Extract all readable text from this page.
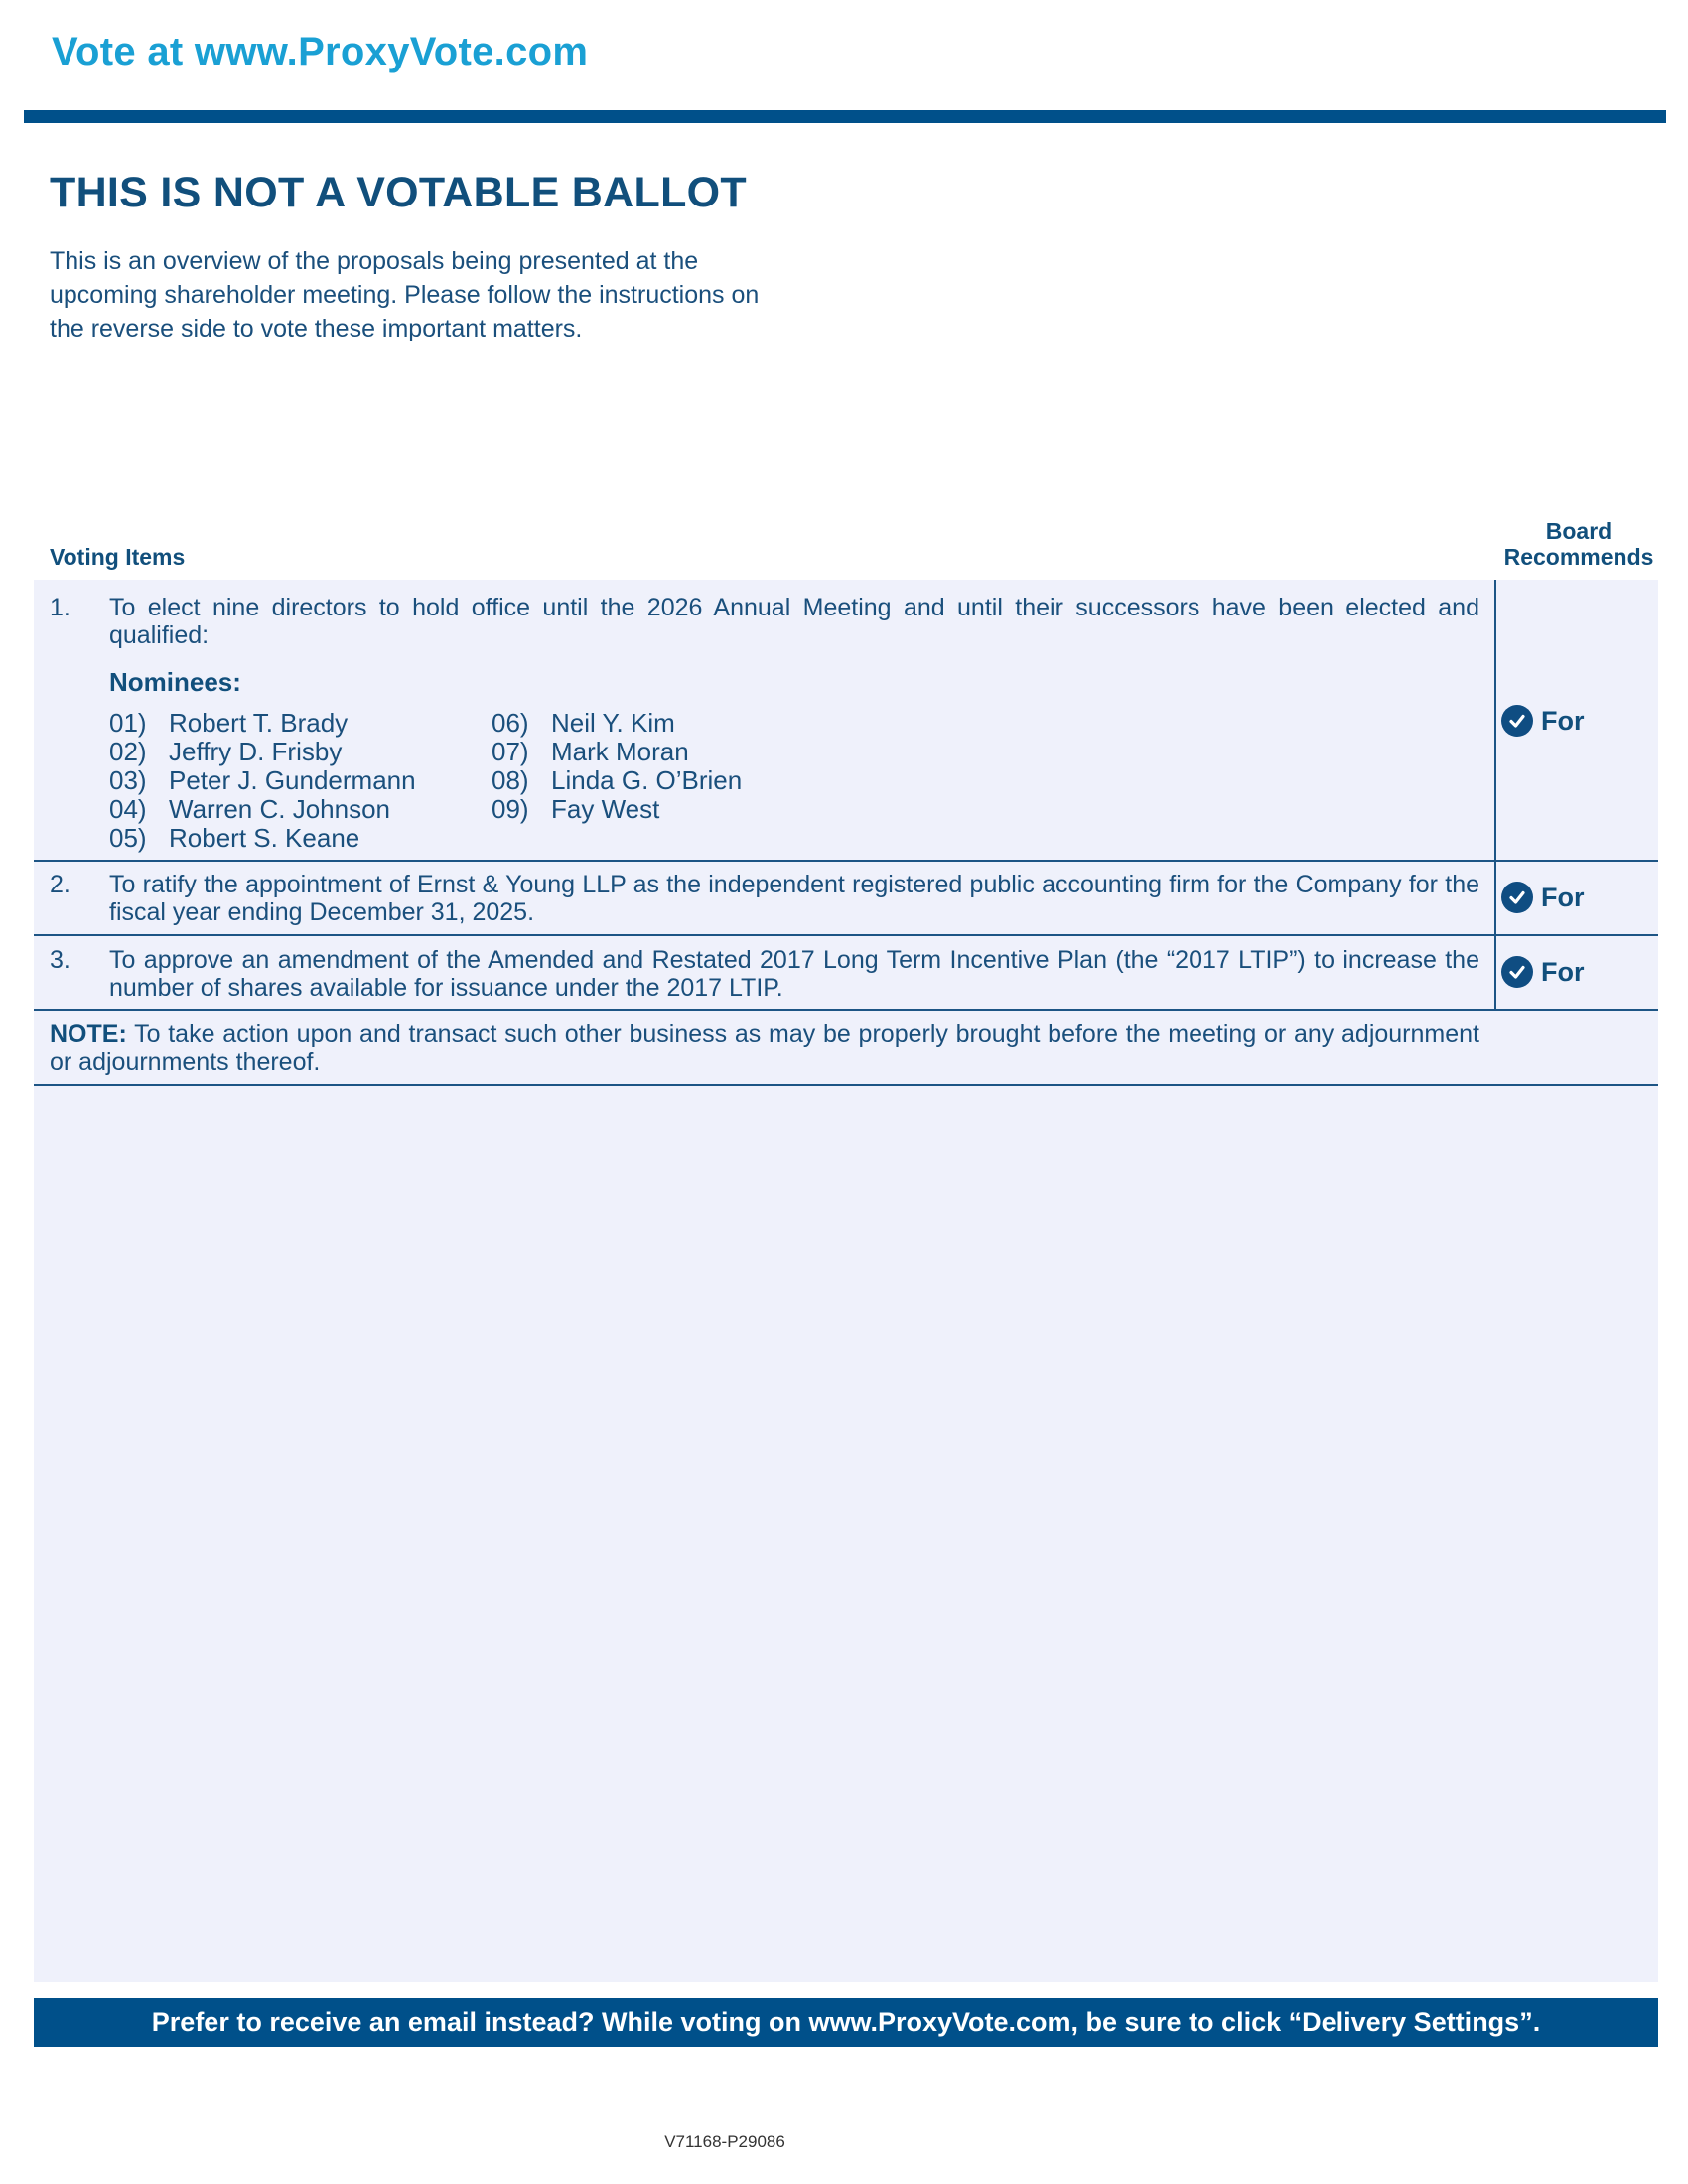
Vote at www.ProxyVote.com
THIS IS NOT A VOTABLE BALLOT
This is an overview of the proposals being presented at the
upcoming shareholder meeting. Please follow the instructions on
the reverse side to vote these important matters.
Voting Items
Board
Recommends
1. To elect nine directors to hold office until the 2026 Annual Meeting and until their successors have been elected and qualified:
Nominees:
01) Robert T. Brady
02) Jeffry D. Frisby
03) Peter J. Gundermann
04) Warren C. Johnson
05) Robert S. Keane
06) Neil Y. Kim
07) Mark Moran
08) Linda G. O’Brien
09) Fay West
For
2. To ratify the appointment of Ernst & Young LLP as the independent registered public accounting firm for the Company for the fiscal year ending December 31, 2025.
For
3. To approve an amendment of the Amended and Restated 2017 Long Term Incentive Plan (the “2017 LTIP”) to increase the number of shares available for issuance under the 2017 LTIP.
For
NOTE: To take action upon and transact such other business as may be properly brought before the meeting or any adjournment or adjournments thereof.
Prefer to receive an email instead? While voting on www.ProxyVote.com, be sure to click “Delivery Settings”.
V71168-P29086
